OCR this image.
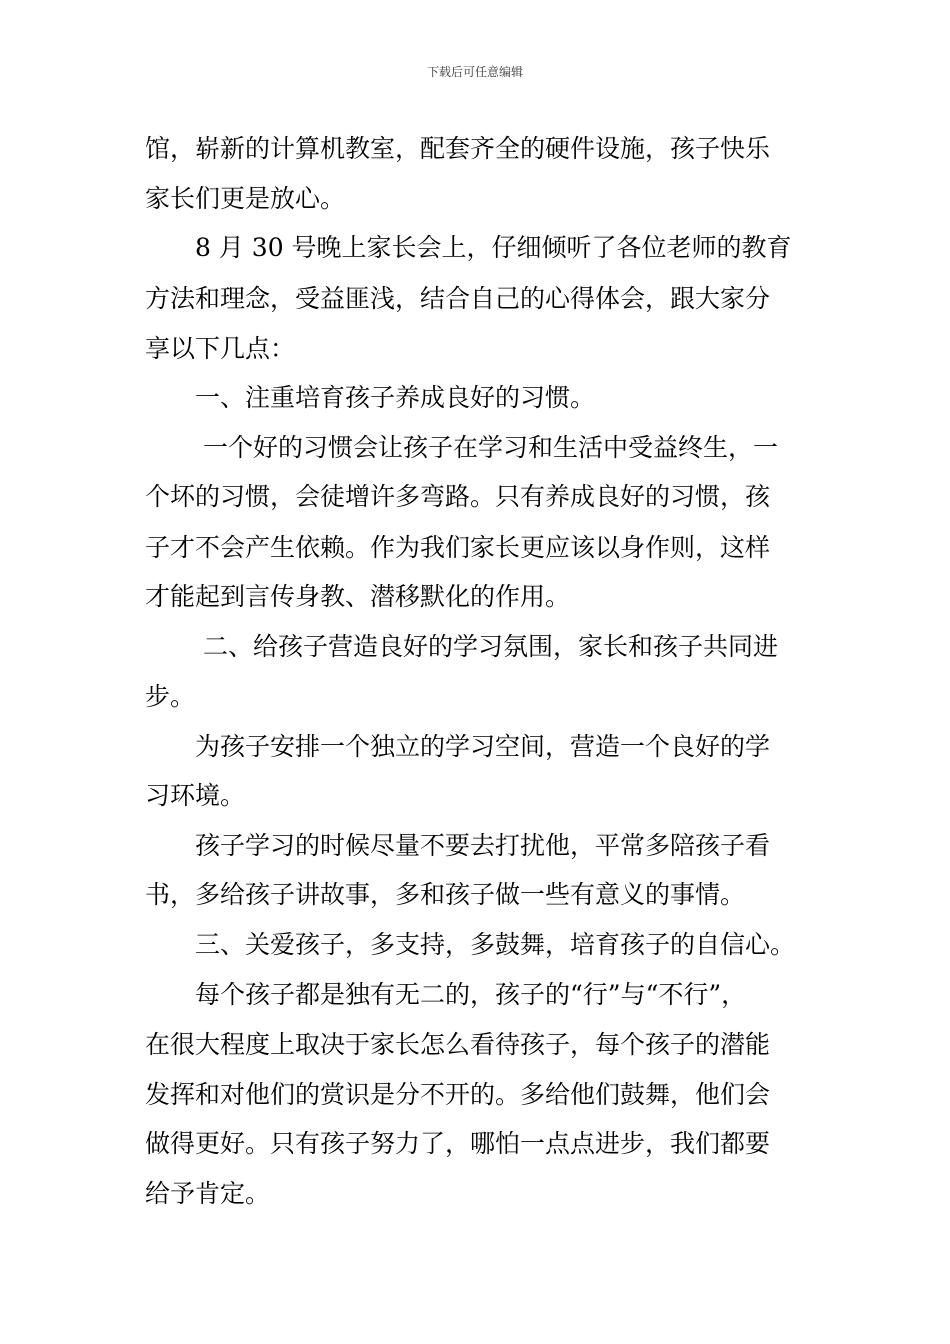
下载后可任意编辑
馆，崭新的计算机教室，配套齐全的硬件设施，孩子快乐
家长们更是放心。
　　8 月 30 号晚上家长会上，仔细倾听了各位老师的教育
方法和理念，受益匪浅，结合自己的心得体会，跟大家分
享以下几点：
　　一、注重培育孩子养成良好的习惯。
　　 一个好的习惯会让孩子在学习和生活中受益终生，一
个坏的习惯，会徒增许多弯路。只有养成良好的习惯，孩
子才不会产生依赖。作为我们家长更应该以身作则，这样
才能起到言传身教、潜移默化的作用。
　　 二、给孩子营造良好的学习氛围，家长和孩子共同进
步。
　　为孩子安排一个独立的学习空间，营造一个良好的学
习环境。
　　孩子学习的时候尽量不要去打扰他，平常多陪孩子看
书，多给孩子讲故事，多和孩子做一些有意义的事情。
　　三、关爱孩子，多支持，多鼓舞，培育孩子的自信心。
　　每个孩子都是独有无二的，孩子的“行”与“不行”，
在很大程度上取决于家长怎么看待孩子，每个孩子的潜能
发挥和对他们的赏识是分不开的。多给他们鼓舞，他们会
做得更好。只有孩子努力了，哪怕一点点进步，我们都要
给予肯定。
